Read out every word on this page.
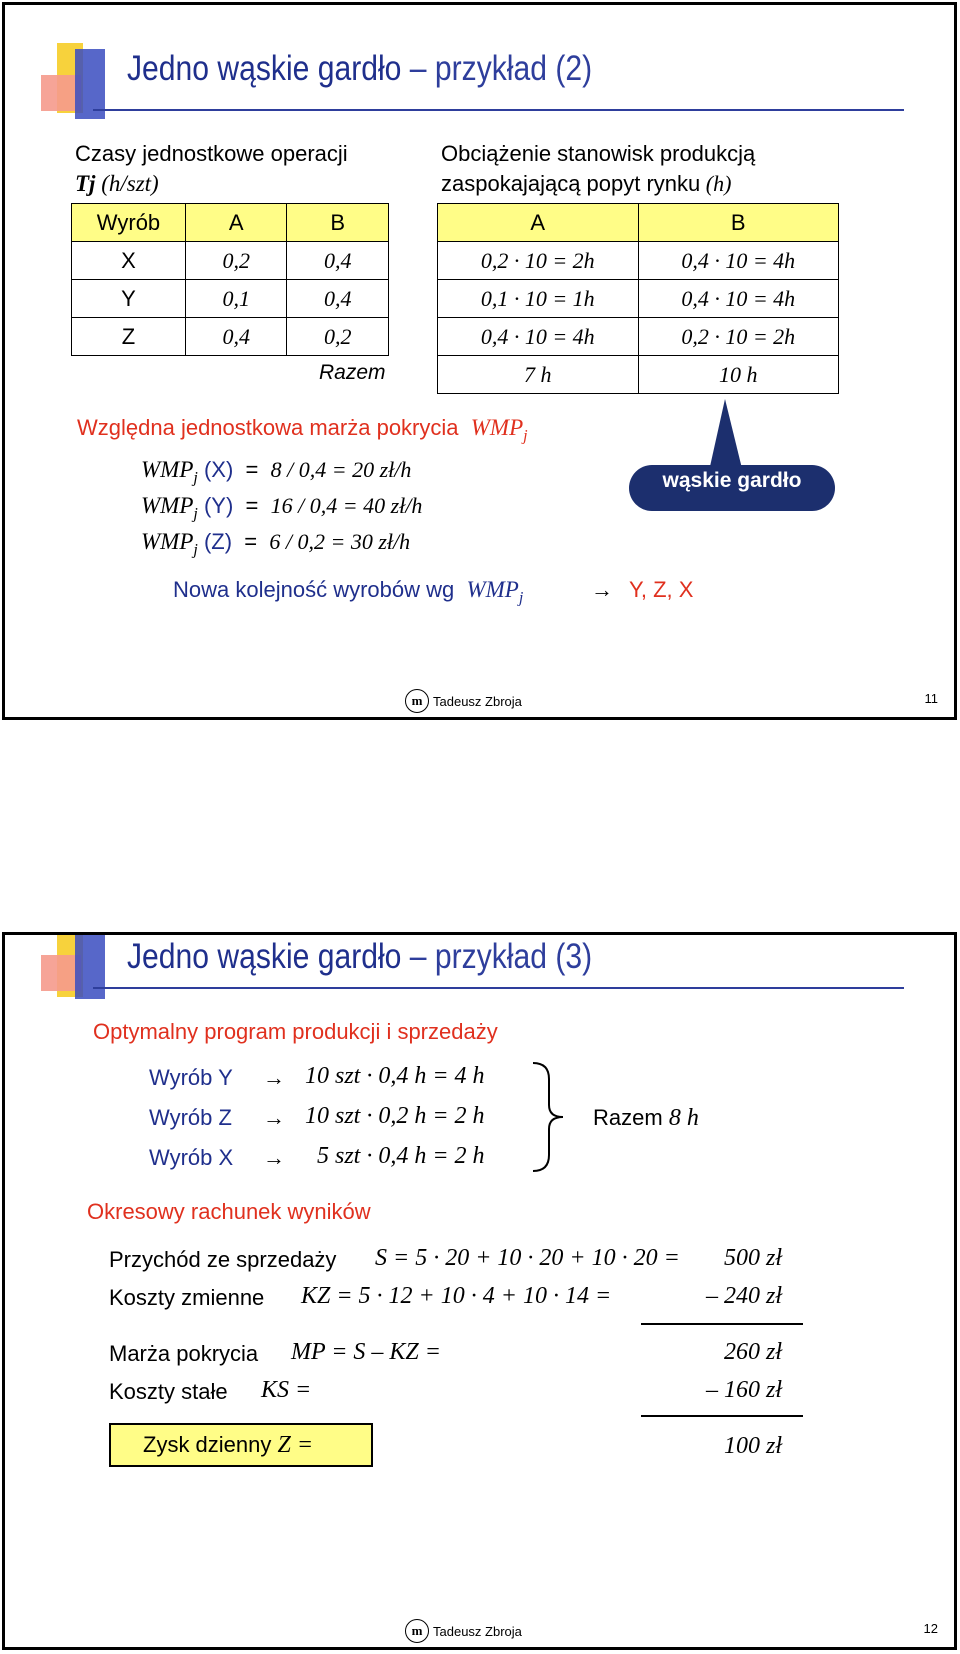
Jedno wąskie gardło – przykład (2)
Czasy jednostkowe operacji
Tj (h/szt)
Obciążenie stanowisk produkcją
zaspokajającą popyt rynku (h)
Wyrób	A	B
X	0,2	0,4
Y	0,1	0,4
Z	0,4	0,2
Razem
A	B
0,2 · 10 = 2h	0,4 · 10 = 4h
0,1 · 10 = 1h	0,4 · 10 = 4h
0,4 · 10 = 4h	0,2 · 10 = 2h
7 h	10 h
Względna jednostkowa marża pokrycia $WMP_j$
$WMP_j$ (X) = 8 / 0,4 = 20 zł/h
$WMP_j$ (Y) = 16 / 0,4 = 40 zł/h
$WMP_j$ (Z) = 6 / 0,2 = 30 zł/h
wąskie gardło
Nowa kolejność wyrobów wg $WMP_j$	→ Y, Z, X
m Tadeusz Zbroja	11
Jedno wąskie gardło – przykład (3)
Optymalny program produkcji i sprzedaży
Wyrób Y → 10 szt · 0,4 h = 4 h
Wyrób Z → 10 szt · 0,2 h = 2 h
Wyrób X → 5 szt · 0,4 h = 2 h
Razem 8 h
Okresowy rachunek wyników
Przychód ze sprzedaży S = 5 · 20 + 10 · 20 + 10 · 20 = 500 zł
Koszty zmienne KZ = 5 · 12 + 10 · 4 + 10 · 14 =	– 240 zł
Marża pokrycia MP = S – KZ =	260 zł
Koszty stałe KS =	– 160 zł
Zysk dzienny Z =	100 zł
m Tadeusz Zbroja	12
